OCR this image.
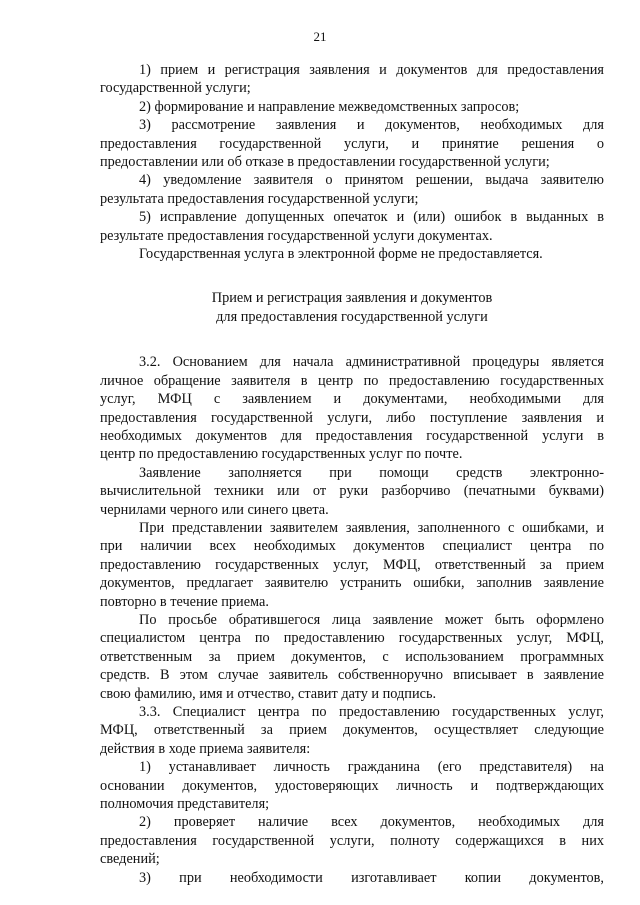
21

1) прием и регистрация заявления и документов для предоставления
государственной услуги;

2) формирование и направление межведомственных запросов;

3) рассмотрение заявления и документов, необходимых для
предоставления государственной услуги, и принятие решения о
предоставлении или об отказе в предоставлении государственной услуги;

4) уведомление заявителя о принятом решении, выдача заявителю
результата предоставления государственной услуги;

5) исправление допущенных опечаток и (или) ошибок в выданных в
результате предоставления государственной услуги документах.

Государственная услуга в электронной форме не предоставляется.

Прием и регистрация заявления и документов

для предоставления государственной услуги

3.2. Основанием для начала административной процедуры является
личное обращение заявителя в центр по предоставлению государственных
услуг, МФЦ с заявлением и документами, необходимыми для
предоставления государственной услуги, либо поступление заявления и
необходимых документов для предоставления государственной услуги в
центр по предоставлению государственных услуг по почте.

Заявление заполняется при помощи средств электронно-
вычислительной техники или от руки разборчиво (печатными буквами)
чернилами черного или синего цвета.

При представлении заявителем заявления, заполненного с ошибками, и
при наличии всех необходимых документов специалист центра по
предоставлению государственных услуг, МФЦ, ответственный за прием
документов, предлагает заявителю устранить ошибки, заполнив заявление
повторно в течение приема.

По просьбе обратившегося лица заявление может быть оформлено
специалистом центра по предоставлению государственных услуг, МФЦ,
ответственным за прием документов, с использованием программных
средств. В этом случае заявитель собственноручно вписывает в заявление
свою фамилию, имя и отчество, ставит дату и подпись.

3.3. Специалист центра по предоставлению государственных услуг,
МФЦ, ответственный за прием документов, осуществляет следующие
действия в ходе приема заявителя:

1) устанавливает личность гражданина (его представителя) на
основании документов, удостоверяющих личность и подтверждающих
полномочия представителя;

2) проверяет наличие всех документов, необходимых для
предоставления государственной услуги, полноту содержащихся в них
сведений;

3) при необходимости изготавливает копии документов,
